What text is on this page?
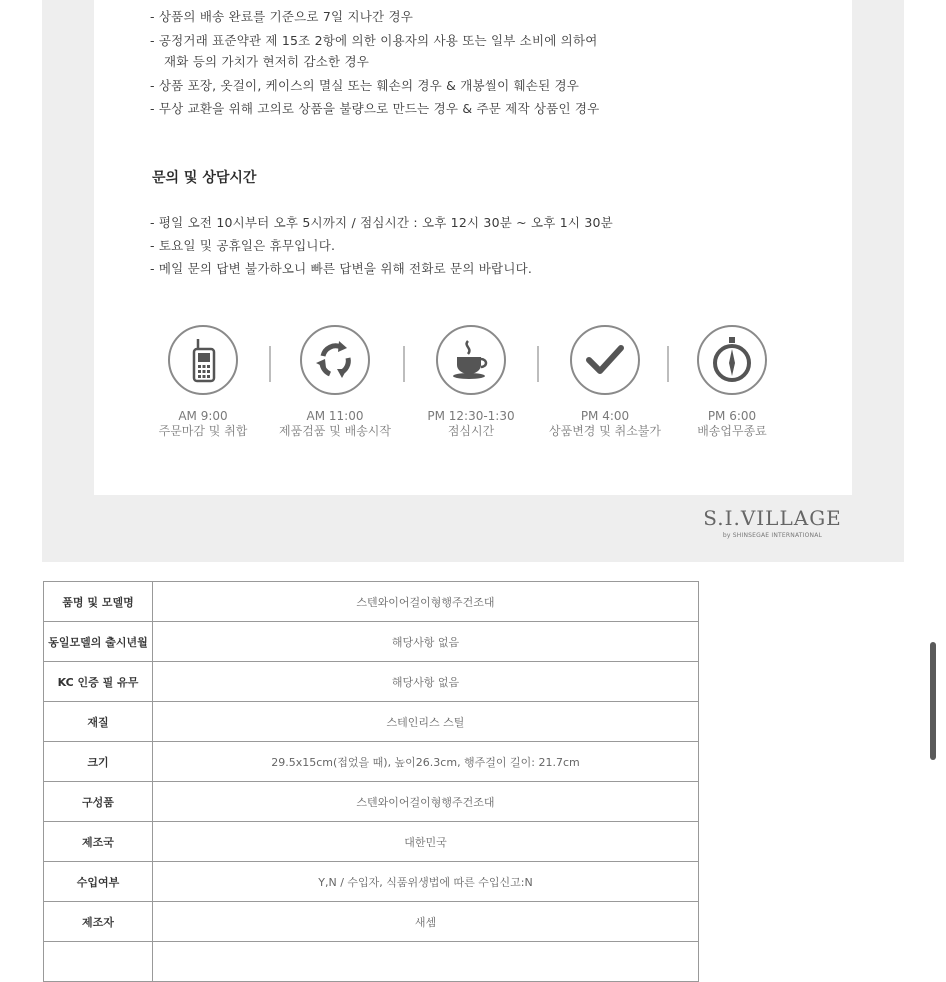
- 상품의 배송 완료를 기준으로 7일 지나간 경우
- 공정거래 표준약관 제 15조 2항에 의한 이용자의 사용 또는 일부 소비에 의하여
재화 등의 가치가 현저히 감소한 경우
- 상품 포장, 옷걸이, 케이스의 멸실 또는 훼손의 경우 & 개봉씰이 훼손된 경우
- 무상 교환을 위해 고의로 상품을 불량으로 만드는 경우 & 주문 제작 상품인 경우
문의 및 상담시간
- 평일 오전 10시부터 오후 5시까지 / 점심시간 : 오후 12시 30분 ~ 오후 1시 30분
- 토요일 및 공휴일은 휴무입니다.
- 메일 문의 답변 불가하오니 빠른 답변을 위해 전화로 문의 바랍니다.
AM 9:00
주문마감 및 취합
AM 11:00
제품검품 및 배송시작
PM 12:30-1:30
점심시간
PM 4:00
상품변경 및 취소불가
PM 6:00
배송업무종료
S.I.VILLAGE
by SHINSEGAE INTERNATIONAL
품명 및 모델명	스텐와이어걸이형행주건조대
동일모델의 출시년월	해당사항 없음
KC 인증 필 유무	해당사항 없음
재질	스테인리스 스틸
크기	29.5x15cm(접었을 때), 높이26.3cm, 행주걸이 길이: 21.7cm
구성품	스텐와이어걸이형행주건조대
제조국	대한민국
수입여부	Y,N / 수입자, 식품위생법에 따른 수입신고:N
제조자	새셈
